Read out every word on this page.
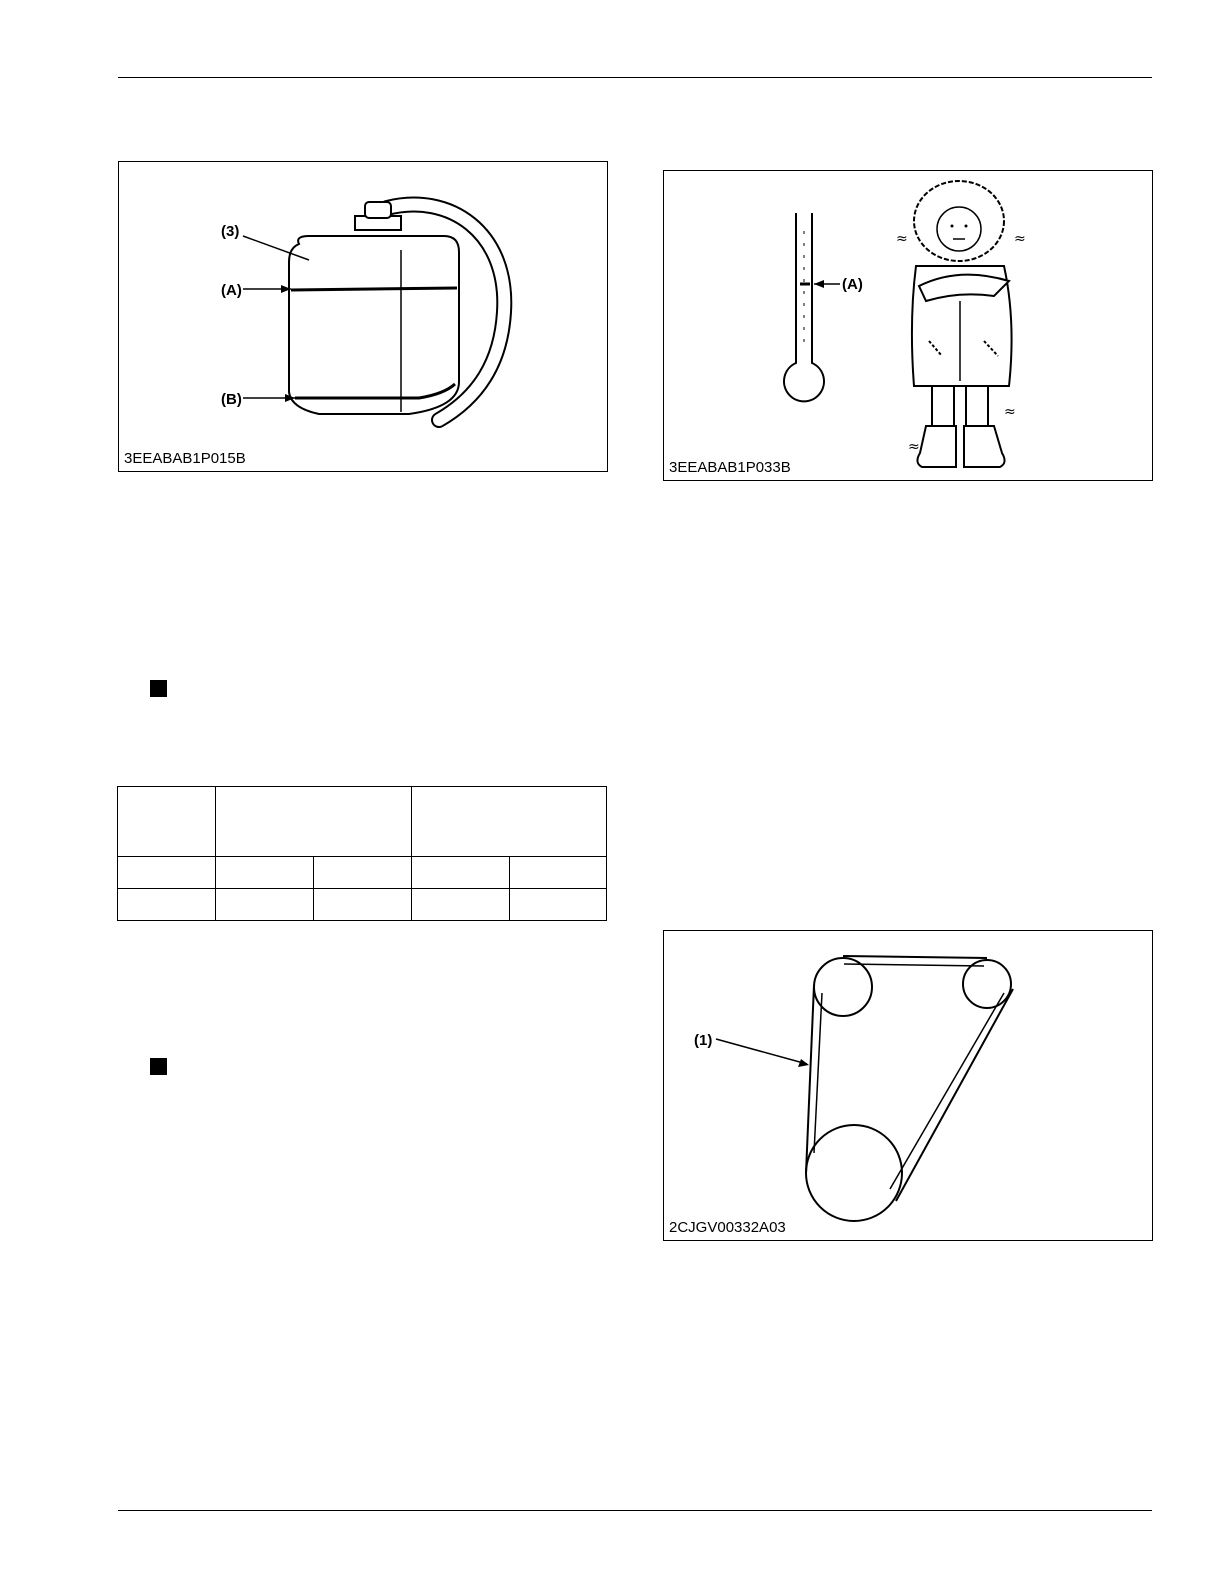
(3)
(A)
(B)
3EEABAB1P015B
(A)
≈	≈
≈
≈
3EEABAB1P033B

(1)
2CJGV00332A03
